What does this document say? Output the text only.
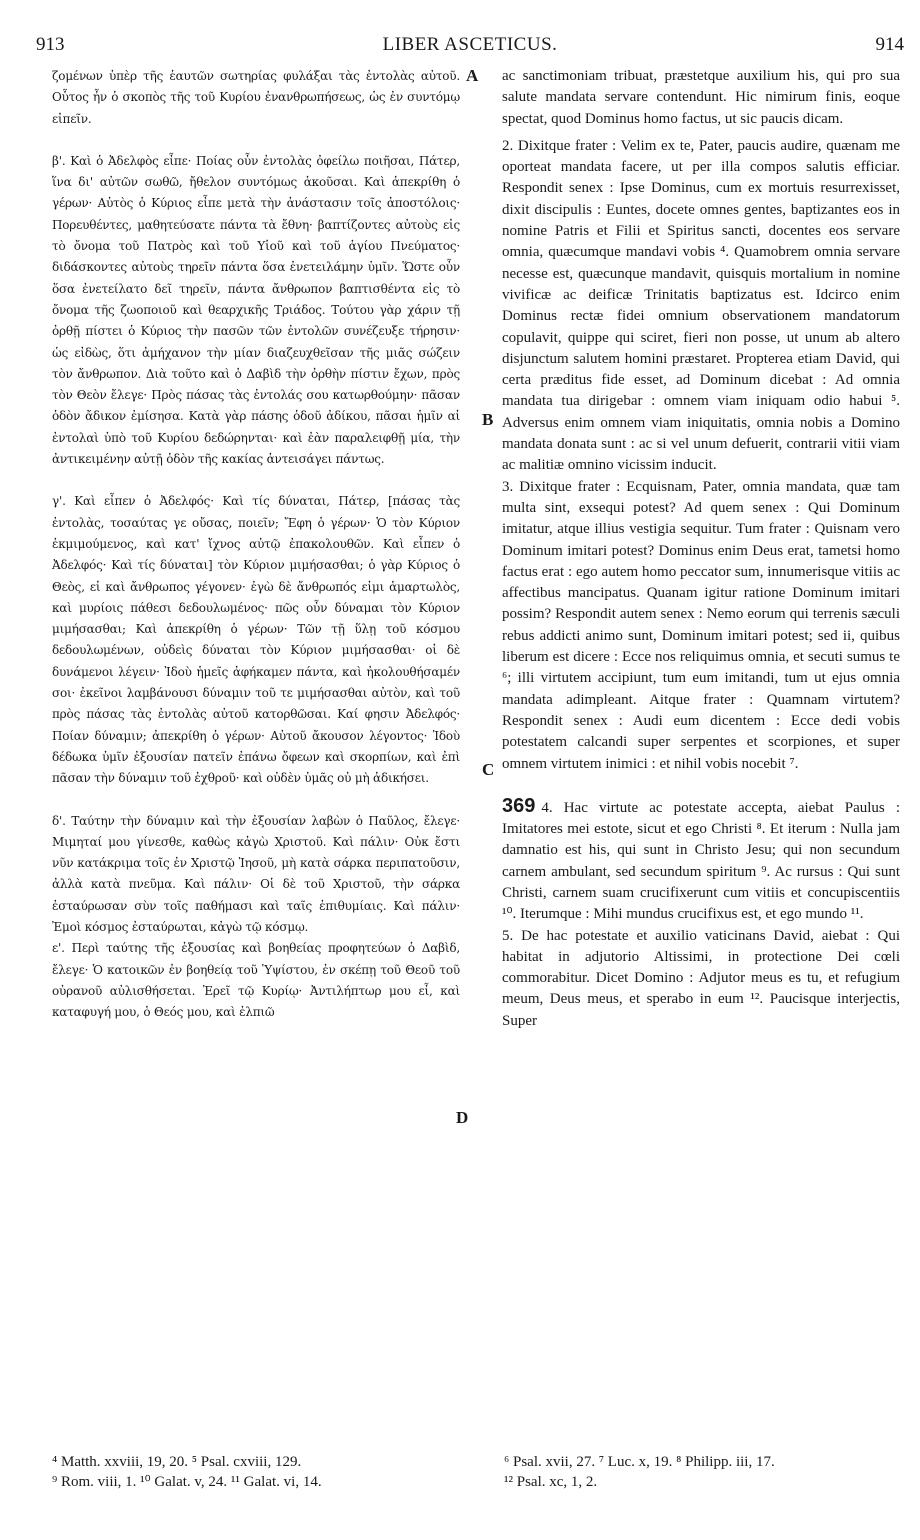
913	LIBER ASCETICUS.	914

ζομένων ὑπὲρ τῆς ἑαυτῶν σωτηρίας φυλάξαι τὰς ἐντολὰς αὐτοῦ. Οὗτος ἦν ὁ σκοπὸς τῆς τοῦ Κυρίου ἐνανθρωπήσεως, ὡς ἐν συντόμῳ εἰπεῖν.

β'. Καὶ ὁ Ἀδελφὸς εἶπε· Ποίας οὖν ἐντολὰς ὀφείλω ποιῆσαι, Πάτερ, ἵνα δι' αὐτῶν σωθῶ, ἤθελον συντόμως ἀκοῦσαι. Καὶ ἀπεκρίθη ὁ γέρων· Αὐτὸς ὁ Κύριος εἶπε μετὰ τὴν ἀνάστασιν τοῖς ἀποστόλοις· Πορευθέντες, μαθητεύσατε πάντα τὰ ἔθνη· βαπτίζοντες αὐτοὺς εἰς τὸ ὄνομα τοῦ Πατρὸς καὶ τοῦ Υἱοῦ καὶ τοῦ ἁγίου Πνεύματος· διδάσκοντες αὐτοὺς τηρεῖν πάντα ὅσα ἐνετειλάμην ὑμῖν. Ὥστε οὖν ὅσα ἐνετείλατο δεῖ τηρεῖν, πάντα ἄνθρωπον βαπτισθέντα εἰς τὸ ὄνομα τῆς ζωοποιοῦ καὶ θεαρχικῆς Τριάδος. Τούτου γὰρ χάριν τῇ ὀρθῇ πίστει ὁ Κύριος τὴν πασῶν τῶν ἐντολῶν συνέζευξε τήρησιν· ὡς εἰδὼς, ὅτι ἀμήχανον τὴν μίαν διαζευχθεῖσαν τῆς μιᾶς σώζειν τὸν ἄνθρωπον. Διὰ τοῦτο καὶ ὁ Δαβὶδ τὴν ὀρθὴν πίστιν ἔχων, πρὸς τὸν Θεὸν ἔλεγε· Πρὸς πάσας τὰς ἐντολάς σου κατωρθούμην· πᾶσαν ὁδὸν ἄδικον ἐμίσησα. Κατὰ γὰρ πάσης ὁδοῦ ἀδίκου, πᾶσαι ἡμῖν αἱ ἐντολαὶ ὑπὸ τοῦ Κυρίου δεδώρηνται· καὶ ἐὰν παραλειφθῇ μία, τὴν ἀντικειμένην αὐτῇ ὁδὸν τῆς κακίας ἀντεισάγει πάντως.

γ'. Καὶ εἶπεν ὁ Ἀδελφός· Καὶ τίς δύναται, Πάτερ, [πάσας τὰς ἐντολὰς, τοσαύτας γε οὔσας, ποιεῖν; Ἔφη ὁ γέρων· Ὁ τὸν Κύριον ἐκμιμούμενος, καὶ κατ' ἴχνος αὐτῷ ἐπακολουθῶν. Καὶ εἶπεν ὁ Ἀδελφός· Καὶ τίς δύναται] τὸν Κύριον μιμήσασθαι; ὁ γὰρ Κύριος ὁ Θεὸς, εἰ καὶ ἄνθρωπος γέγονεν· ἐγὼ δὲ ἄνθρωπός εἰμι ἁμαρτωλὸς, καὶ μυρίοις πάθεσι δεδουλωμένος· πῶς οὖν δύναμαι τὸν Κύριον μιμήσασθαι; Καὶ ἀπεκρίθη ὁ γέρων· Τῶν τῇ ὕλῃ τοῦ κόσμου δεδουλωμένων, οὐδεὶς δύναται τὸν Κύριον μιμήσασθαι· οἱ δὲ δυνάμενοι λέγειν· Ἰδοὺ ἡμεῖς ἀφήκαμεν πάντα, καὶ ἠκολουθήσαμέν σοι· ἐκεῖνοι λαμβάνουσι δύναμιν τοῦ τε μιμήσασθαι αὐτὸν, καὶ τοῦ πρὸς πάσας τὰς ἐντολὰς αὐτοῦ κατορθῶσαι. Καί φησιν Ἀδελφός· Ποίαν δύναμιν; ἀπεκρίθη ὁ γέρων· Αὐτοῦ ἄκουσον λέγοντος· Ἰδοὺ δέδωκα ὑμῖν ἐξουσίαν πατεῖν ἐπάνω ὄφεων καὶ σκορπίων, καὶ ἐπὶ πᾶσαν τὴν δύναμιν τοῦ ἐχθροῦ· καὶ οὐδὲν ὑμᾶς οὐ μὴ ἀδικήσει.

δ'. Ταύτην τὴν δύναμιν καὶ τὴν ἐξουσίαν λαβὼν ὁ Παῦλος, ἔλεγε· Μιμηταί μου γίνεσθε, καθὼς κἀγὼ Χριστοῦ. Καὶ πάλιν· Οὐκ ἔστι νῦν κατάκριμα τοῖς ἐν Χριστῷ Ἰησοῦ, μὴ κατὰ σάρκα περιπατοῦσιν, ἀλλὰ κατὰ πνεῦμα. Καὶ πάλιν· Οἱ δὲ τοῦ Χριστοῦ, τὴν σάρκα ἐσταύρωσαν σὺν τοῖς παθήμασι καὶ ταῖς ἐπιθυμίαις. Καὶ πάλιν· Ἐμοὶ κόσμος ἐσταύρωται, κἀγὼ τῷ κόσμῳ.

ε'. Περὶ ταύτης τῆς ἐξουσίας καὶ βοηθείας προφητεύων ὁ Δαβὶδ, ἔλεγε· Ὁ κατοικῶν ἐν βοηθείᾳ τοῦ Ὑψίστου, ἐν σκέπῃ τοῦ Θεοῦ τοῦ οὐρανοῦ αὐλισθήσεται. Ἐρεῖ τῷ Κυρίῳ· Ἀντιλήπτωρ μου εἶ, καὶ καταφυγή μου, ὁ Θεός μου, καὶ ἐλπιῶ

A
B
C
D

ac sanctimoniam tribuat, præstetque auxilium his, qui pro sua salute mandata servare contendunt. Hic nimirum finis, eoque spectat, quod Dominus homo factus, ut sic paucis dicam.

2. Dixitque frater : Velim ex te, Pater, paucis audire, quænam me oporteat mandata facere, ut per illa compos salutis efficiar. Respondit senex : Ipse Dominus, cum ex mortuis resurrexisset, dixit discipulis : Euntes, docete omnes gentes, baptizantes eos in nomine Patris et Filii et Spiritus sancti, docentes eos servare omnia, quæcumque mandavi vobis ⁴. Quamobrem omnia servare necesse est, quæcunque mandavit, quisquis mortalium in nomine vivificæ ac deificæ Trinitatis baptizatus est. Idcirco enim Dominus rectæ fidei omnium observationem mandatorum copulavit, quippe qui sciret, fieri non posse, ut unum ab altero disjunctum salutem homini præstaret. Propterea etiam David, qui certa præditus fide esset, ad Dominum dicebat : Ad omnia mandata tua dirigebar : omnem viam iniquam odio habui ⁵. Adversus enim omnem viam iniquitatis, omnia nobis a Domino mandata donata sunt : ac si vel unum defuerit, contrarii vitii viam ac malitiæ omnino vicissim inducit.

3. Dixitque frater : Ecquisnam, Pater, omnia mandata, quæ tam multa sint, exsequi potest? Ad quem senex : Qui Dominum imitatur, atque illius vestigia sequitur. Tum frater : Quisnam vero Dominum imitari potest? Dominus enim Deus erat, tametsi homo factus erat : ego autem homo peccator sum, innumerisque vitiis ac affectibus mancipatus. Quanam igitur ratione Dominum imitari possim? Respondit autem senex : Nemo eorum qui terrenis sæculi rebus addicti animo sunt, Dominum imitari potest; sed ii, quibus liberum est dicere : Ecce nos reliquimus omnia, et secuti sumus te ⁶; illi virtutem accipiunt, tum eum imitandi, tum ut ejus omnia mandata adimpleant. Aitque frater : Quamnam virtutem? Respondit senex : Audi eum dicentem : Ecce dedi vobis potestatem calcandi super serpentes et scorpiones, et super omnem virtutem inimici : et nihil vobis nocebit ⁷.

369 4. Hac virtute ac potestate accepta, aiebat Paulus : Imitatores mei estote, sicut et ego Christi ⁸. Et iterum : Nulla jam damnatio est his, qui sunt in Christo Jesu; qui non secundum carnem ambulant, sed secundum spiritum ⁹. Ac rursus : Qui sunt Christi, carnem suam crucifixerunt cum vitiis et concupiscentiis ¹⁰. Iterumque : Mihi mundus crucifixus est, et ego mundo ¹¹.

5. De hac potestate et auxilio vaticinans David, aiebat : Qui habitat in adjutorio Altissimi, in protectione Dei cœli commorabitur. Dicet Domino : Adjutor meus es tu, et refugium meum, Deus meus, et sperabo in eum ¹². Paucisque interjectis, Super

⁴ Matth. xxviii, 19, 20. ⁵ Psal. cxviii, 129.	⁶ Psal. xvii, 27. ⁷ Luc. x, 19. ⁸ Philipp. iii, 17.
⁹ Rom. viii, 1. ¹⁰ Galat. v, 24. ¹¹ Galat. vi, 14.	¹² Psal. xc, 1, 2.
